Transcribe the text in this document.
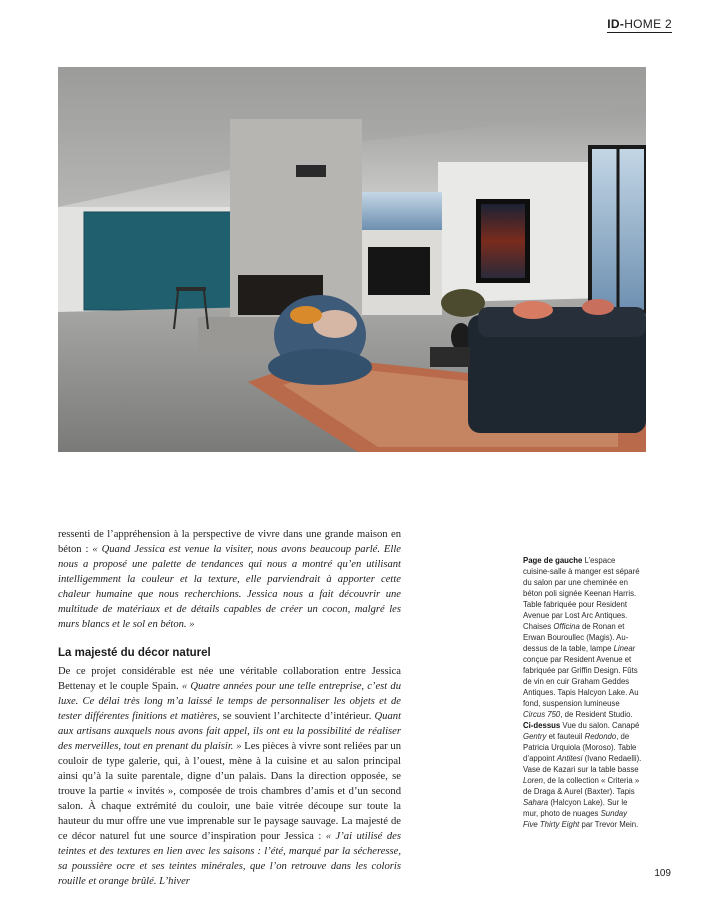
ID-HOME 2

ressenti de l’appréhension à la perspective de vivre dans une grande maison en béton : « Quand Jessica est venue la visiter, nous avons beaucoup parlé. Elle nous a proposé une palette de tendances qui nous a montré qu’en utilisant intelligemment la couleur et la texture, elle parviendrait à apporter cette chaleur humaine que nous recherchions. Jessica nous a fait découvrir une multitude de matériaux et de détails capables de créer un cocon, malgré les murs blancs et le sol en béton. »

La majesté du décor naturel

De ce projet considérable est née une véritable collaboration entre Jessica Bettenay et le couple Spain. « Quatre années pour une telle entreprise, c’est du luxe. Ce délai très long m’a laissé le temps de personnaliser les objets et de tester différentes finitions et matières, se souvient l’architecte d’intérieur. Quant aux artisans auxquels nous avons fait appel, ils ont eu la possibilité de réaliser des merveilles, tout en prenant du plaisir. » Les pièces à vivre sont reliées par un couloir de type galerie, qui, à l’ouest, mène à la cuisine et au salon principal ainsi qu’à la suite parentale, digne d’un palais. Dans la direction opposée, se trouve la partie « invités », composée de trois chambres d’amis et d’un second salon. À chaque extrémité du couloir, une baie vitrée découpe sur toute la hauteur du mur offre une vue imprenable sur le paysage sauvage. La majesté de ce décor naturel fut une source d’inspiration pour Jessica : « J’ai utilisé des teintes et des textures en lien avec les saisons : l’été, marqué par la sécheresse, sa poussière ocre et ses teintes minérales, que l’on retrouve dans les coloris rouille et orange brûlé. L’hiver

Page de gauche L’espace cuisine-salle à manger est séparé du salon par une cheminée en béton poli signée Keenan Harris. Table fabriquée pour Resident Avenue par Lost Arc Antiques. Chaises Officina de Ronan et Erwan Bouroullec (Magis). Au-dessus de la table, lampe Linear conçue par Resident Avenue et fabriquée par Griffin Design. Fûts de vin en cuir Graham Geddes Antiques. Tapis Halcyon Lake. Au fond, suspension lumineuse Circus 750, de Resident Studio.

Ci-dessus Vue du salon. Canapé Gentry et fauteuil Redondo, de Patricia Urquiola (Moroso). Table d’appoint Antitesi (Ivano Redaelli). Vase de Kazari sur la table basse Loren, de la collection « Criteria » de Draga & Aurel (Baxter). Tapis Sahara (Halcyon Lake). Sur le mur, photo de nuages Sunday Five Thirty Eight par Trevor Mein.

109
